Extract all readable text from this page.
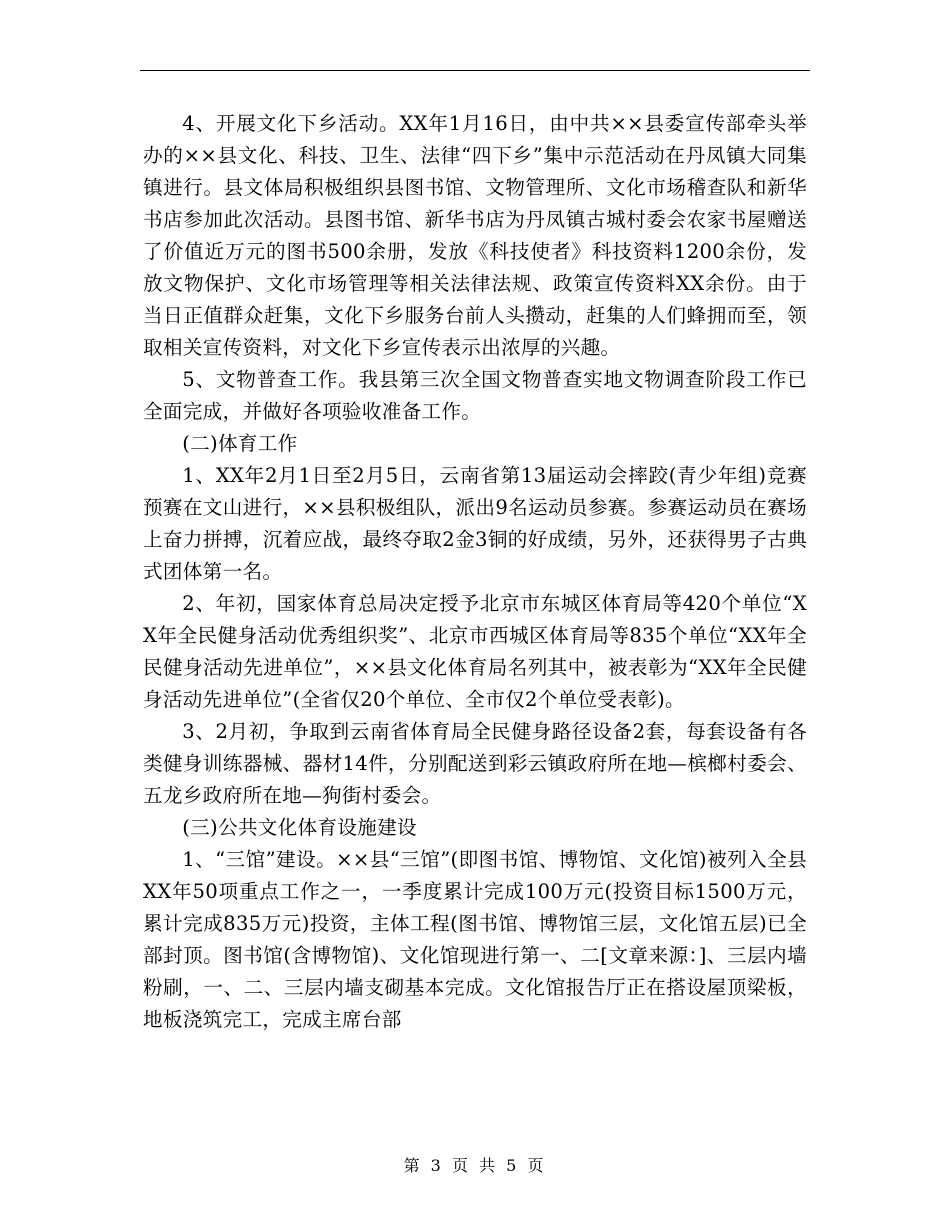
4、开展文化下乡活动。XX年1月16日，由中共××县委宣传部牵头举办的××县文化、科技、卫生、法律“四下乡”集中示范活动在丹凤镇大同集镇进行。县文体局积极组织县图书馆、文物管理所、文化市场稽查队和新华书店参加此次活动。县图书馆、新华书店为丹凤镇古城村委会农家书屋赠送了价值近万元的图书500余册，发放《科技使者》科技资料1200余份，发放文物保护、文化市场管理等相关法律法规、政策宣传资料XX余份。由于当日正值群众赶集，文化下乡服务台前人头攒动，赶集的人们蜂拥而至，领取相关宣传资料，对文化下乡宣传表示出浓厚的兴趣。

5、文物普查工作。我县第三次全国文物普查实地文物调查阶段工作已全面完成，并做好各项验收准备工作。

(二)体育工作

1、XX年2月1日至2月5日，云南省第13届运动会摔跤(青少年组)竞赛预赛在文山进行，××县积极组队，派出9名运动员参赛。参赛运动员在赛场上奋力拼搏，沉着应战，最终夺取2金3铜的好成绩，另外，还获得男子古典式团体第一名。

2、年初，国家体育总局决定授予北京市东城区体育局等420个单位“XX年全民健身活动优秀组织奖”、北京市西城区体育局等835个单位“XX年全民健身活动先进单位”，××县文化体育局名列其中，被表彰为“XX年全民健身活动先进单位”(全省仅20个单位、全市仅2个单位受表彰)。

3、2月初，争取到云南省体育局全民健身路径设备2套，每套设备有各类健身训练器械、器材14件，分别配送到彩云镇政府所在地—槟榔村委会、五龙乡政府所在地—狗街村委会。

(三)公共文化体育设施建设

1、“三馆”建设。××县“三馆”(即图书馆、博物馆、文化馆)被列入全县XX年50项重点工作之一，一季度累计完成100万元(投资目标1500万元，累计完成835万元)投资，主体工程(图书馆、博物馆三层，文化馆五层)已全部封顶。图书馆(含博物馆)、文化馆现进行第一、二[文章来源：]、三层内墙粉刷，一、二、三层内墙支砌基本完成。文化馆报告厅正在搭设屋顶梁板，地板浇筑完工，完成主席台部

第 3 页 共 5 页
